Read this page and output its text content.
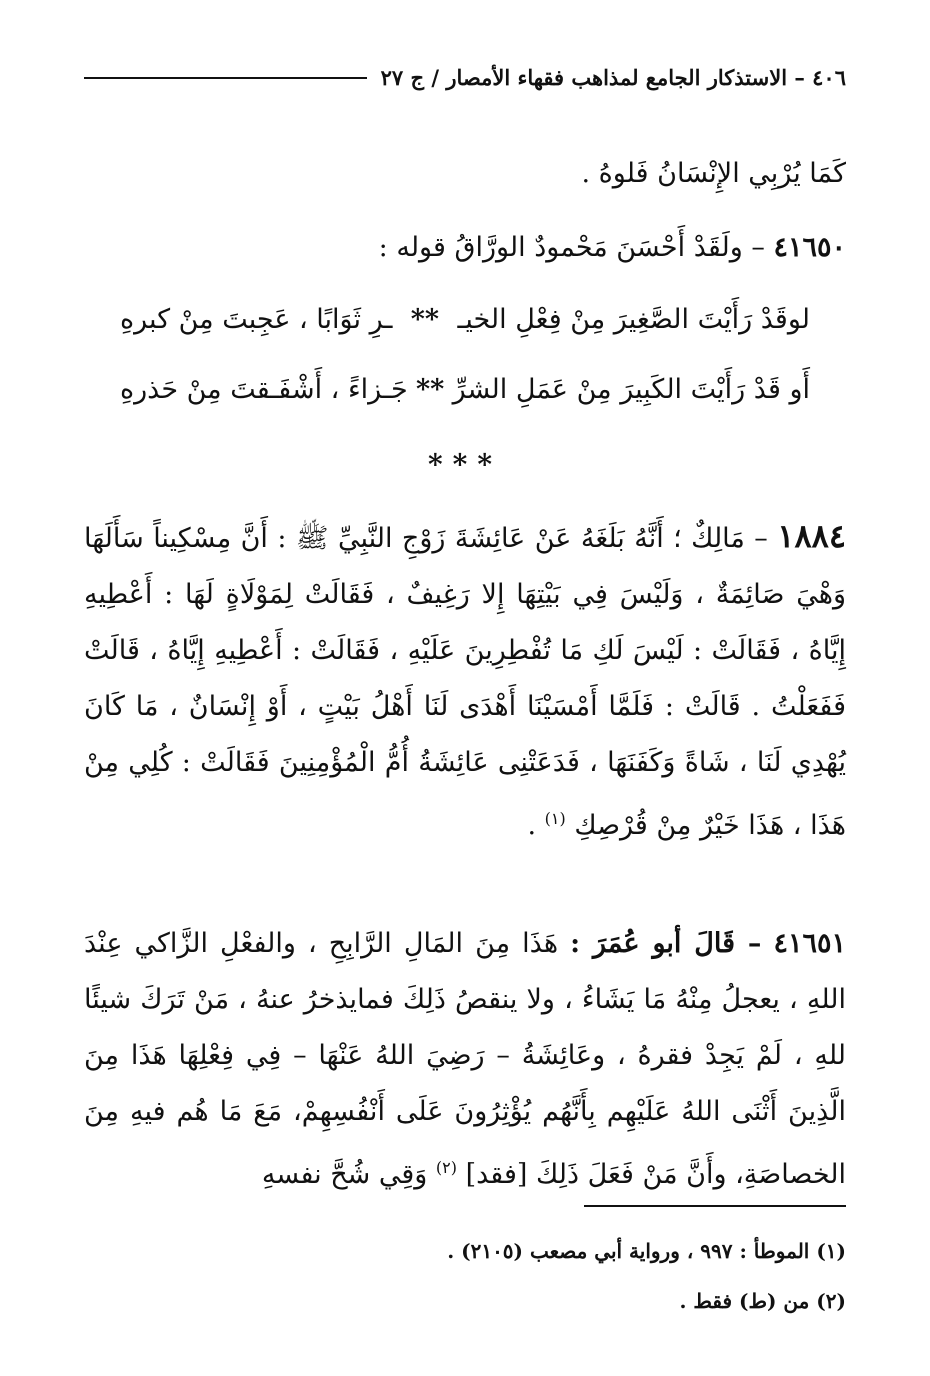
٤٠٦ – الاستذكار الجامع لمذاهب فقهاء الأمصار / ج ٢٧
كَمَا يُرْبِي الإِنْسَانُ فَلوهُ .
٤١٦٥٠ – ولَقَدْ أَحْسَنَ مَحْمودٌ الورَّاقُ قوله :
لوقَدْ رَأَيْتَ الصَّغِيرَ مِنْ فِعْلِ الخيـ
**
ـرِ ثَوَابًا ، عَجِبتَ مِنْ كبرهِ
أَو قَدْ رَأَيْتَ الكَبِيرَ مِنْ عَمَلِ الشرِّ
**
جَـزاءً ، أَشْفَـقتَ مِنْ حَذرهِ
***
١٨٨٤ – مَالِكٌ ؛ أَنَّهُ بَلَغَهُ عَنْ عَائِشَةَ زَوْجِ النَّبِيِّ ﷺ : أَنَّ مِسْكِيناً سَأَلَهَا وَهْيَ صَائِمَةٌ ، وَلَيْسَ فِي بَيْتِهَا إِلا رَغِيفٌ ، فَقَالَتْ لِمَوْلَاةٍ لَهَا : أَعْطِيهِ إِيَّاهُ ، فَقَالَتْ : لَيْسَ لَكِ مَا تُفْطِرِينَ عَلَيْهِ ، فَقَالَتْ : أَعْطِيهِ إِيَّاهُ ، قَالَتْ فَفَعَلْتُ . قَالَتْ : فَلَمَّا أَمْسَيْنَا أَهْدَى لَنَا أَهْلُ بَيْتٍ ، أَوْ إِنْسَانٌ ، مَا كَانَ يُهْدِي لَنَا ، شَاةً وَكَفَنَهَا ، فَدَعَتْنِى عَائِشَةُ أُمُّ الْمُؤْمِنِينَ فَقَالَتْ : كُلِي مِنْ هَذَا ، هَذَا خَيْرٌ مِنْ قُرْصِكِ $^{(١)}$ .
٤١٦٥١ – قَالَ أبو عُمَرَ : هَذَا مِنَ المَالِ الرَّابِحِ ، والفعْلِ الزَّاكي عِنْدَ اللهِ ، يعجلُ مِنْهُ مَا يَشَاءُ ، ولا ينقصُ ذَلِكَ فمايذخرُ عنهُ ، مَنْ تَرَكَ شيئًا للهِ ، لَمْ يَجِدْ فقرهُ ، وعَائِشَةُ – رَضِيَ اللهُ عَنْهَا – فِي فِعْلِهَا هَذَا مِنَ الَّذِينَ أَثْنَى اللهُ عَلَيْهِم بِأَنَّهُم يُؤْثِرُونَ عَلَى أَنْفُسِهِمْ، مَعَ مَا هُم فيهِ مِنَ الخصاصَةِ، وأَنَّ مَنْ فَعَلَ ذَلِكَ [فقد] $^{(٢)}$ وَقِي شُحَّ نفسهِ
(١) الموطأ : ٩٩٧ ، ورواية أبي مصعب (٢١٠٥) .
(٢) من (ط) فقط .
